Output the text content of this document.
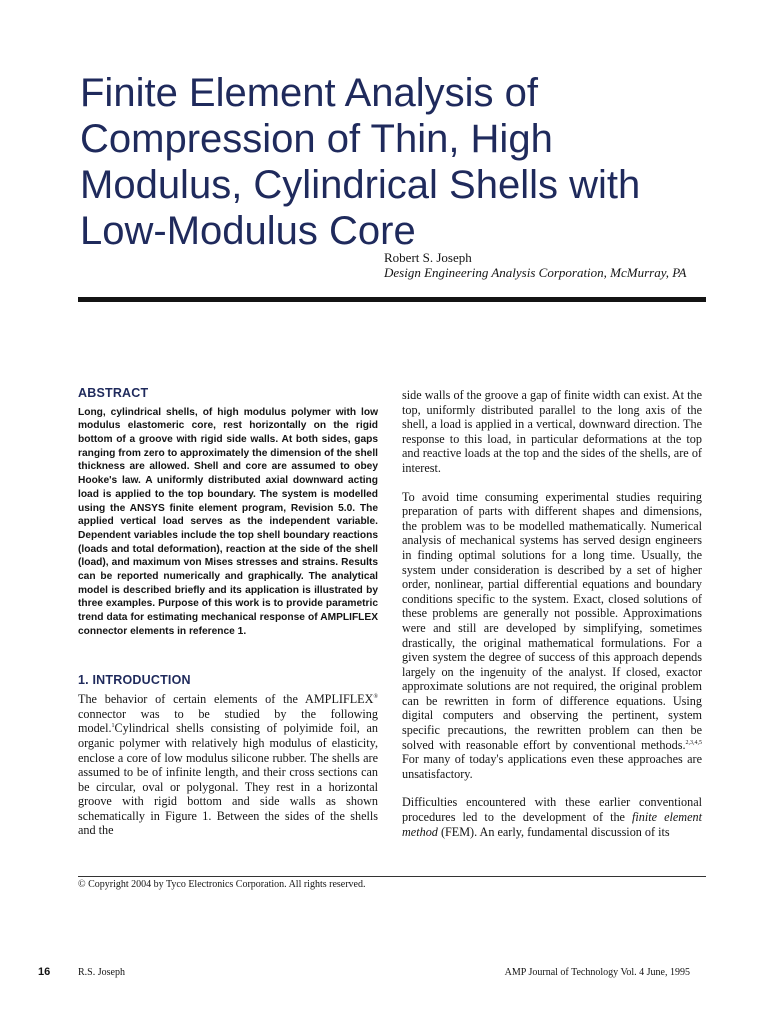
Finite Element Analysis of
Compression of Thin, High
Modulus, Cylindrical Shells with
Low-Modulus Core
Robert S. Joseph
Design Engineering Analysis Corporation, McMurray, PA
ABSTRACT

Long, cylindrical shells, of high modulus polymer with low modulus elastomeric core, rest horizontally on the rigid bottom of a groove with rigid side walls. At both sides, gaps ranging from zero to approximately the dimension of the shell thickness are allowed. Shell and core are assumed to obey Hooke's law. A uniformly distributed axial downward acting load is applied to the top boundary. The system is modelled using the ANSYS finite element program, Revision 5.0. The applied vertical load serves as the independent variable. Dependent variables include the top shell boundary reactions (loads and total deformation), reaction at the side of the shell (load), and maximum von Mises stresses and strains. Results can be reported numerically and graphically. The analytical model is described briefly and its application is illustrated by three examples. Purpose of this work is to provide parametric trend data for estimating mechanical response of AMPLIFLEX connector elements in reference 1.

1. INTRODUCTION

The behavior of certain elements of the AMPLIFLEX® connector was to be studied by the following model.$^1$Cylindrical shells consisting of polyimide foil, an organic polymer with relatively high modulus of elasticity, enclose a core of low modulus silicone rubber. The shells are assumed to be of infinite length, and their cross sections can be circular, oval or polygonal. They rest in a horizontal groove with rigid bottom and side walls as shown schematically in Figure 1. Between the sides of the shells and the

side walls of the groove a gap of finite width can exist. At the top, uniformly distributed parallel to the long axis of the shell, a load is applied in a vertical, downward direction. The response to this load, in particular deformations at the top and reactive loads at the top and the sides of the shells, are of interest.

To avoid time consuming experimental studies requiring preparation of parts with different shapes and dimensions, the problem was to be modelled mathematically. Numerical analysis of mechanical systems has served design engineers in finding optimal solutions for a long time. Usually, the system under consideration is described by a set of higher order, nonlinear, partial differential equations and boundary conditions specific to the system. Exact, closed solutions of these problems are generally not possible. Approximations were and still are developed by simplifying, sometimes drastically, the original mathematical formulations. For a given system the degree of success of this approach depends largely on the ingenuity of the analyst. If closed, exactor approximate solutions are not required, the original problem can be rewritten in form of difference equations. Using digital computers and observing the pertinent, system specific precautions, the rewritten problem can then be solved with reasonable effort by conventional methods.$^{2,3,4,5}$ For many of today's applications even these approaches are unsatisfactory.

Difficulties encountered with these earlier conventional procedures led to the development of the finite element method (FEM). An early, fundamental discussion of its

© Copyright 2004 by Tyco Electronics Corporation. All rights reserved.
16	R.S. Joseph	AMP Journal of Technology Vol. 4 June, 1995
